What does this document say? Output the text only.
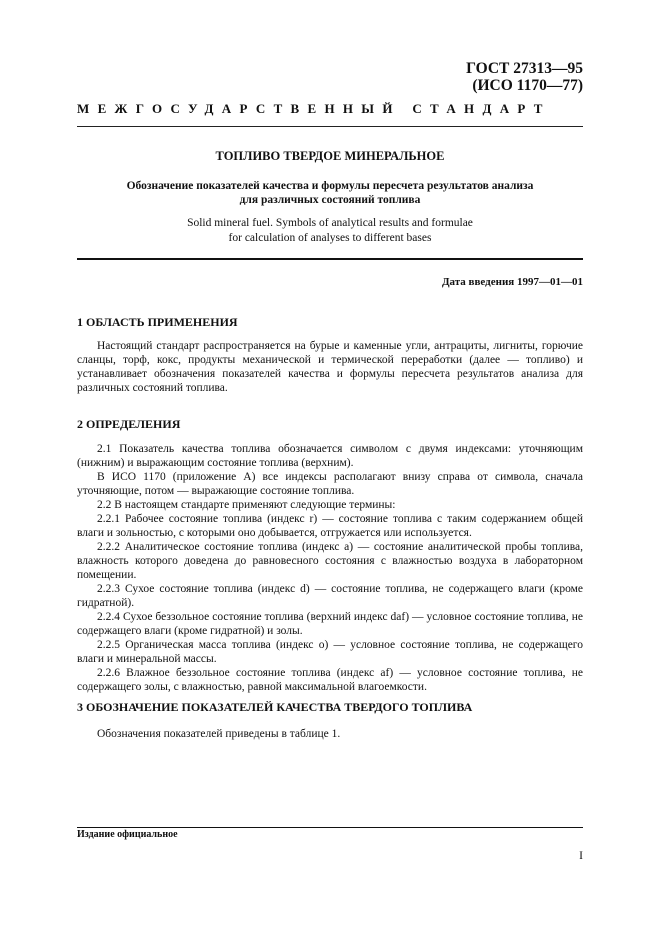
ГОСТ 27313—95
(ИСО 1170—77)
МЕЖГОСУДАРСТВЕННЫЙ СТАНДАРТ
ТОПЛИВО ТВЕРДОЕ МИНЕРАЛЬНОЕ
Обозначение показателей качества и формулы пересчета результатов анализа
для различных состояний топлива
Solid mineral fuel. Symbols of analytical results and formulae
for calculation of analyses to different bases
Дата введения 1997—01—01
1 ОБЛАСТЬ ПРИМЕНЕНИЯ

Настоящий стандарт распространяется на бурые и каменные угли, антрациты, лигниты, горючие сланцы, торф, кокс, продукты механической и термической переработки (далее — топливо) и устанавливает обозначения показателей качества и формулы пересчета результатов анализа для различных состояний топлива.

2 ОПРЕДЕЛЕНИЯ

2.1 Показатель качества топлива обозначается символом с двумя индексами: уточняющим (нижним) и выражающим состояние топлива (верхним).

В ИСО 1170 (приложение А) все индексы располагают внизу справа от символа, сначала уточняющие, потом — выражающие состояние топлива.

2.2 В настоящем стандарте применяют следующие термины:

2.2.1 Рабочее состояние топлива (индекс r) — состояние топлива с таким содержанием общей влаги и зольностью, с которыми оно добывается, отгружается или используется.

2.2.2 Аналитическое состояние топлива (индекс a) — состояние аналитической пробы топлива, влажность которого доведена до равновесного состояния с влажностью воздуха в лабораторном помещении.

2.2.3 Сухое состояние топлива (индекс d) — состояние топлива, не содержащего влаги (кроме гидратной).

2.2.4 Сухое беззольное состояние топлива (верхний индекс daf) — условное состояние топлива, не содержащего влаги (кроме гидратной) и золы.

2.2.5 Органическая масса топлива (индекс o) — условное состояние топлива, не содержащего влаги и минеральной массы.

2.2.6 Влажное беззольное состояние топлива (индекс af) — условное состояние топлива, не содержащего золы, с влажностью, равной максимальной влагоемкости.

3 ОБОЗНАЧЕНИЕ ПОКАЗАТЕЛЕЙ КАЧЕСТВА ТВЕРДОГО ТОПЛИВА

Обозначения показателей приведены в таблице 1.

Издание официальное
I
